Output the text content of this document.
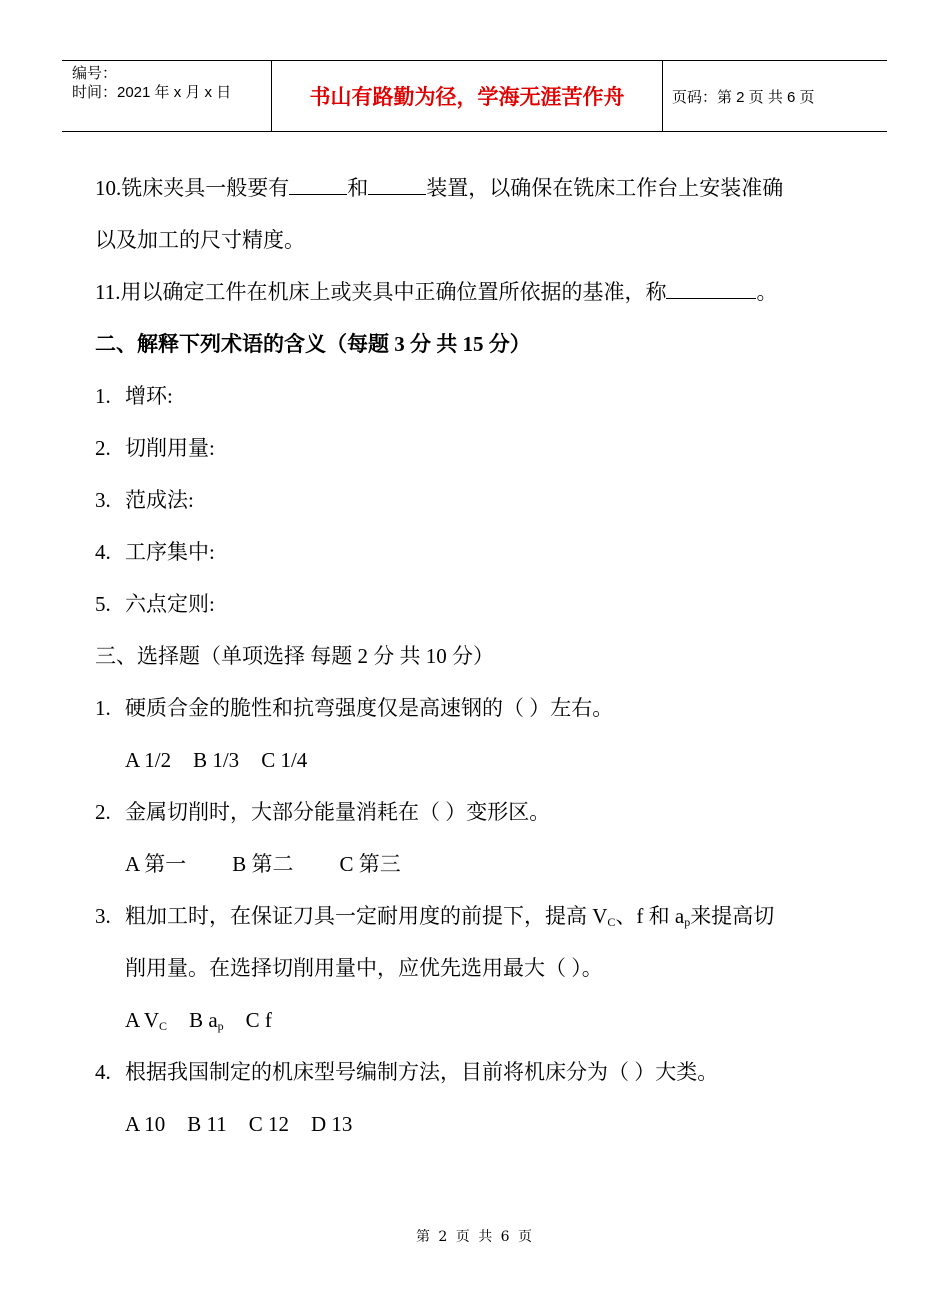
编号：
时间：2021 年 x 月 x 日	书山有路勤为径，学海无涯苦作舟	页码：第 2 页 共 6 页
10.铣床夹具一般要有	和	装置，以确保在铣床工作台上安装准确
以及加工的尺寸精度。
11.用以确定工件在机床上或夹具中正确位置所依据的基准，称	。
二、解释下列术语的含义（每题 3 分 共 15 分）
1. 增环:
2. 切削用量:
3. 范成法:
4. 工序集中:
5. 六点定则:
三、选择题（单项选择 每题 2 分 共 10 分）
1. 硬质合金的脆性和抗弯强度仅是高速钢的（ ）左右。
A 1/2 B 1/3 C 1/4
2. 金属切削时，大部分能量消耗在（ ）变形区。
A 第一 B 第二 C 第三
3. 粗加工时，在保证刀具一定耐用度的前提下，提高 $V_C$、f 和 $a_p$来提高切
削用量。在选择切削用量中，应优先选用最大（ ）。
A $V_C$ B $a_p$ C f
4. 根据我国制定的机床型号编制方法，目前将机床分为（ ）大类。
A 10 B 11 C 12 D 13
第 2 页 共 6 页
